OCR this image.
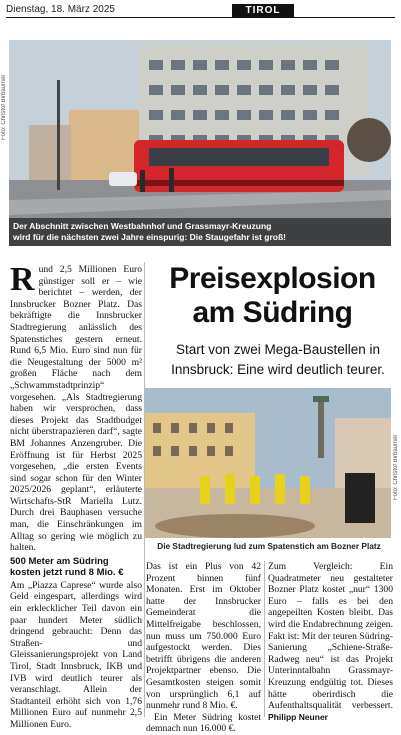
Dienstag, 18. März 2025	TIROL
Foto: Christof Birbaumer
Der Abschnitt zwischen Westbahnhof und Grassmayr-Kreuzung
wird für die nächsten zwei Jahre einspurig: Die Staugefahr ist groß!
R und 2,5 Millionen Euro günstiger soll er – wie berichtet – werden, der Innsbrucker Bozner Platz. Das bekräftigte die Innsbrucker Stadtregierung anlässlich des Spatenstiches gestern erneut. Rund 6,5 Mio. Euro sind nun für die Neugestaltung der 5000 m² großen Fläche nach dem „Schwammstadtprinzip“ vorgesehen. „Als Stadtregierung haben wir versprochen, dass dieses Projekt das Stadtbudget nicht überstrapazieren darf“, sagte BM Johannes Anzengruber. Die Eröffnung ist für Herbst 2025 vorgesehen, „die ersten Events sind sogar schon für den Winter 2025/2026 geplant“, erläuterte Wirtschafts-StR Mariella Lutz. Durch drei Bauphasen versuche man, die Einschränkungen im Alltag so gering wie möglich zu halten.

500 Meter am Südring
kosten jetzt rund 8 Mio. €

Am „Piazza Caprese“ wurde also Geld eingespart, allerdings wird ein erklecklicher Teil davon ein paar hundert Meter südlich dringend gebraucht: Denn das Straßen- und Gleissanierungsprojekt von Land Tirol, Stadt Innsbruck, IKB und IVB wird deutlich teurer als veranschlagt. Allein der Stadtanteil erhöht sich von 1,76 Millionen Euro auf nunmehr 2,5 Millionen Euro.

Preisexplosion
am Südring
Start von zwei Mega-Baustellen in
Innsbruck: Eine wird deutlich teurer.
Foto: Christof Birbaumer
Die Stadtregierung lud zum Spatenstich am Bozner Platz

Das ist ein Plus von 42 Prozent binnen fünf Monaten. Erst im Oktober hatte der Innsbrucker Gemeinderat die Mittelfreigabe beschlossen, nun muss um 750.000 Euro aufgestockt werden. Dies betrifft übrigens die anderen Projektpartner ebenso. Die Gesamtkosten steigen somit von ursprünglich 6,1 auf nunmehr rund 8 Mio. €.

Ein Meter Südring kostet demnach nun 16.000 €.

Zum Vergleich: Ein Quadratmeter neu gestalteter Bozner Platz kostet „nur“ 1300 Euro – falls es bei den angepeilten Kosten bleibt. Das wird die Endabrechnung zeigen. Fakt ist: Mit der teuren Südring-Sanierung „Schiene-Straße-Radweg neu“ ist das Projekt Unterinntalbahn Grassmayr-Kreuzung endgültig tot. Dieses hätte oberirdisch die Aufenthaltsqualität verbessert. Philipp Neuner
